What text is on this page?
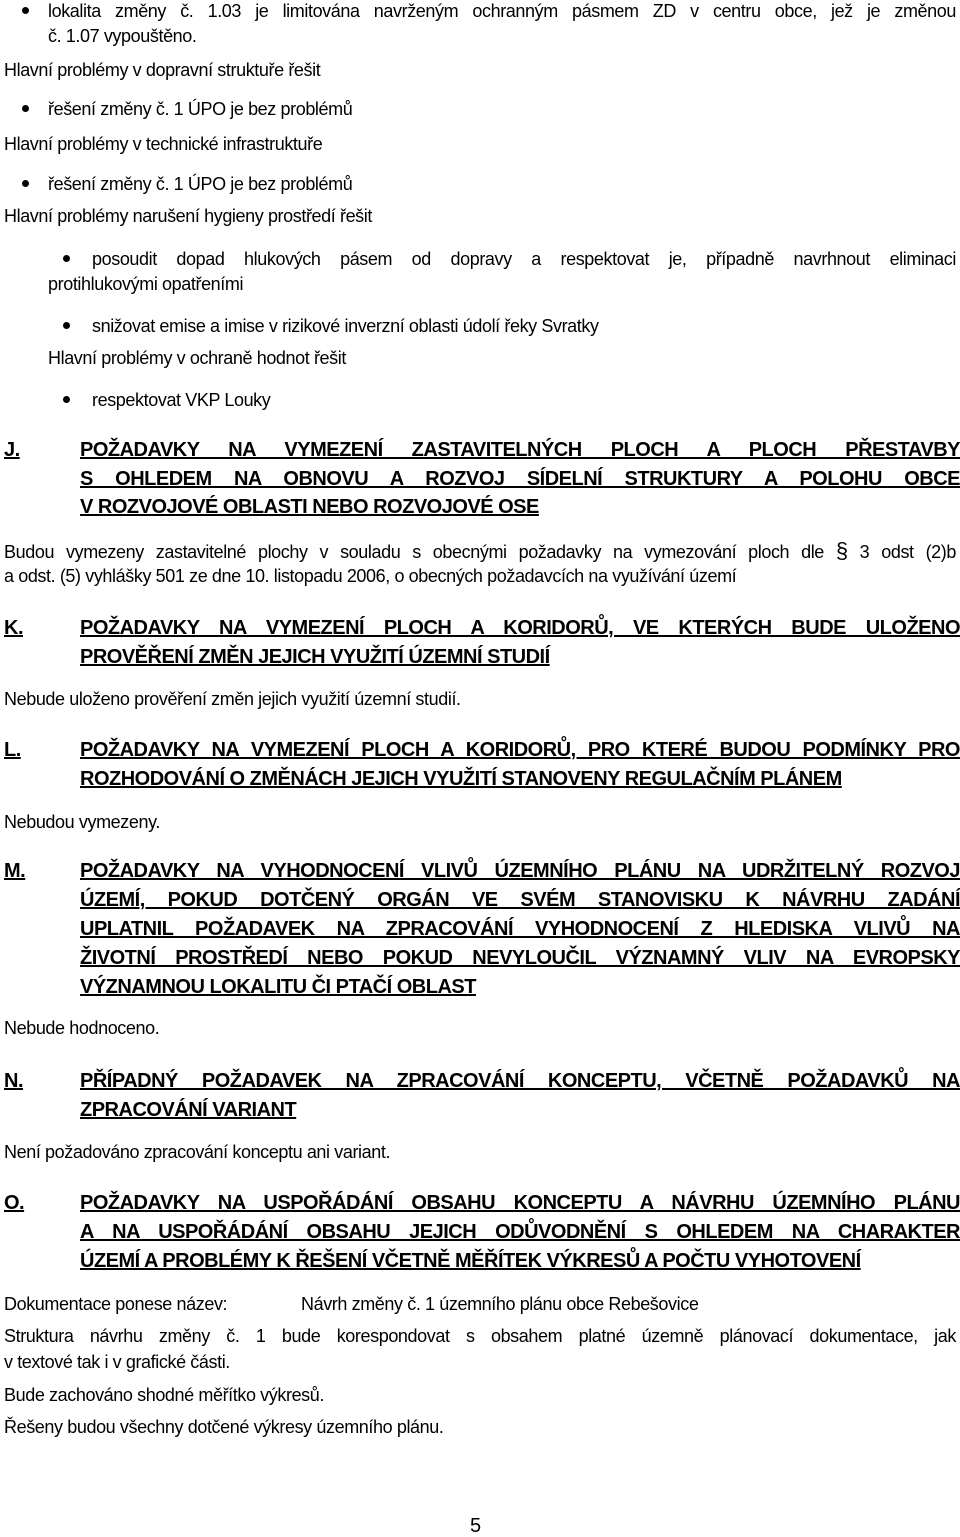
lokalita změny č. 1.03 je limitována navrženým ochranným pásmem ZD v centru obce, jež je změnou

č. 1.07 vypouštěno.

Hlavní problémy v dopravní struktuře řešit

řešení změny č. 1 ÚPO je bez problémů

Hlavní problémy v technické infrastruktuře

řešení změny č. 1 ÚPO je bez problémů

Hlavní problémy narušení hygieny prostředí řešit

posoudit dopad hlukových pásem od dopravy a respektovat je, případně navrhnout eliminaci

protihlukovými opatřeními

snižovat emise a imise v rizikové inverzní oblasti údolí řeky Svratky

Hlavní problémy v ochraně hodnot řešit

respektovat VKP Louky

J.	POŽADAVKY NA VYMEZENÍ ZASTAVITELNÝCH PLOCH A PLOCH PŘESTAVBY
S OHLEDEM NA OBNOVU A ROZVOJ SÍDELNÍ STRUKTURY A POLOHU OBCE
V ROZVOJOVÉ OBLASTI NEBO ROZVOJOVÉ OSE

Budou vymezeny zastavitelné plochy v souladu s obecnými požadavky na vymezování ploch dle § 3 odst (2)b

a odst. (5) vyhlášky 501 ze dne 10. listopadu 2006, o obecných požadavcích na využívání území

K.	POŽADAVKY NA VYMEZENÍ PLOCH A KORIDORŮ, VE KTERÝCH BUDE ULOŽENO
PROVĚŘENÍ ZMĚN JEJICH VYUŽITÍ ÚZEMNÍ STUDIÍ

Nebude uloženo prověření změn jejich využití územní studií.

L.	POŽADAVKY NA VYMEZENÍ PLOCH A KORIDORŮ, PRO KTERÉ BUDOU PODMÍNKY PRO
ROZHODOVÁNÍ O ZMĚNÁCH JEJICH VYUŽITÍ STANOVENY REGULAČNÍM PLÁNEM

Nebudou vymezeny.

M.	POŽADAVKY NA VYHODNOCENÍ VLIVŮ ÚZEMNÍHO PLÁNU NA UDRŽITELNÝ ROZVOJ
ÚZEMÍ, POKUD DOTČENÝ ORGÁN VE SVÉM STANOVISKU K NÁVRHU ZADÁNÍ
UPLATNIL POŽADAVEK NA ZPRACOVÁNÍ VYHODNOCENÍ Z HLEDISKA VLIVŮ NA
ŽIVOTNÍ PROSTŘEDÍ NEBO POKUD NEVYLOUČIL VÝZNAMNÝ VLIV NA EVROPSKY
VÝZNAMNOU LOKALITU ČI PTAČÍ OBLAST

Nebude hodnoceno.

N.	PŘÍPADNÝ POŽADAVEK NA ZPRACOVÁNÍ KONCEPTU, VČETNĚ POŽADAVKŮ NA
ZPRACOVÁNÍ VARIANT

Není požadováno zpracování konceptu ani variant.

O.	POŽADAVKY NA USPOŘÁDÁNÍ OBSAHU KONCEPTU A NÁVRHU ÚZEMNÍHO PLÁNU
A NA USPOŘÁDÁNÍ OBSAHU JEJICH ODŮVODNĚNÍ S OHLEDEM NA CHARAKTER
ÚZEMÍ A PROBLÉMY K ŘEŠENÍ VČETNĚ MĚŘÍTEK VÝKRESŮ A POČTU VYHOTOVENÍ

Dokumentace ponese název:	Návrh změny č. 1 územního plánu obce Rebešovice

Struktura návrhu změny č. 1 bude korespondovat s obsahem platné územně plánovací dokumentace, jak

v textové tak i v grafické části.

Bude zachováno shodné měřítko výkresů.

Řešeny budou všechny dotčené výkresy územního plánu.

5
